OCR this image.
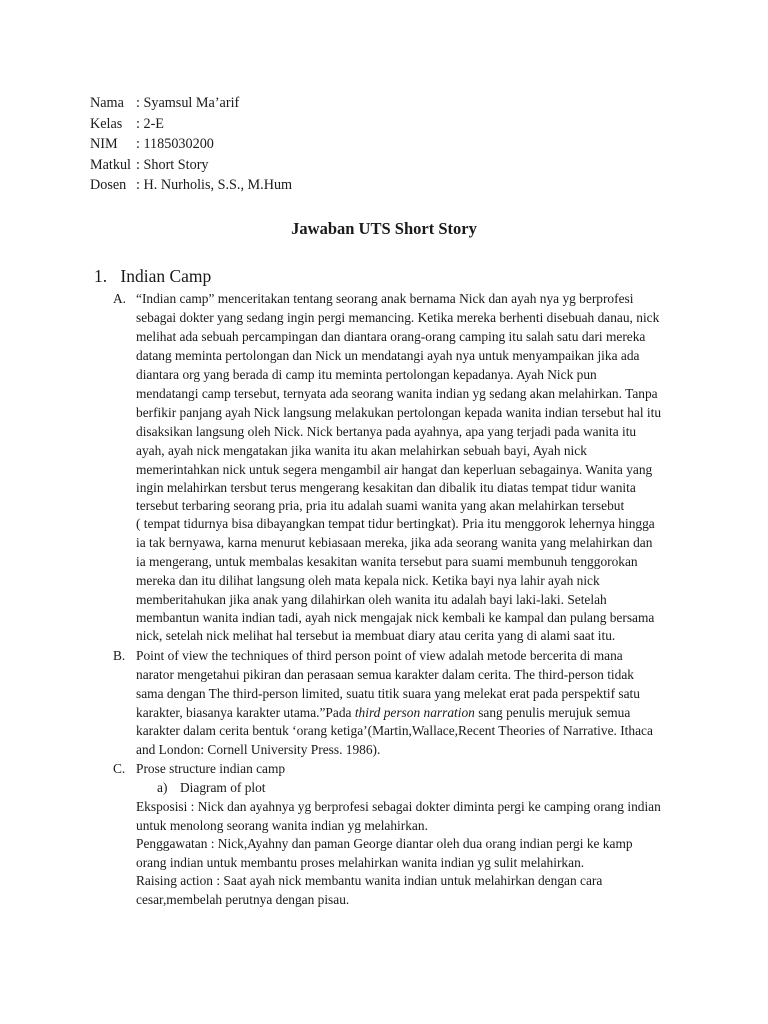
Nama : Syamsul Ma’arif
Kelas : 2-E
NIM	: 1185030200
Matkul : Short Story
Dosen : H. Nurholis, S.S., M.Hum
Jawaban UTS Short Story
1. Indian Camp
A. “Indian camp” menceritakan tentang seorang anak bernama Nick dan ayah nya yg berprofesi
sebagai dokter yang sedang ingin pergi memancing. Ketika mereka berhenti disebuah danau, nick
melihat ada sebuah percampingan dan diantara orang-orang camping itu salah satu dari mereka
datang meminta pertolongan dan Nick un mendatangi ayah nya untuk menyampaikan jika ada
diantara org yang berada di camp itu meminta pertolongan kepadanya. Ayah Nick pun
mendatangi camp tersebut, ternyata ada seorang wanita indian yg sedang akan melahirkan. Tanpa
berfikir panjang ayah Nick langsung melakukan pertolongan kepada wanita indian tersebut hal itu
disaksikan langsung oleh Nick. Nick bertanya pada ayahnya, apa yang terjadi pada wanita itu
ayah, ayah nick mengatakan jika wanita itu akan melahirkan sebuah bayi, Ayah nick
memerintahkan nick untuk segera mengambil air hangat dan keperluan sebagainya. Wanita yang
ingin melahirkan tersbut terus mengerang kesakitan dan dibalik itu diatas tempat tidur wanita
tersebut terbaring seorang pria, pria itu adalah suami wanita yang akan melahirkan tersebut
( tempat tidurnya bisa dibayangkan tempat tidur bertingkat). Pria itu menggorok lehernya hingga
ia tak bernyawa, karna menurut kebiasaan mereka, jika ada seorang wanita yang melahirkan dan
ia mengerang, untuk membalas kesakitan wanita tersebut para suami membunuh tenggorokan
mereka dan itu dilihat langsung oleh mata kepala nick. Ketika bayi nya lahir ayah nick
memberitahukan jika anak yang dilahirkan oleh wanita itu adalah bayi laki-laki. Setelah
membantun wanita indian tadi, ayah nick mengajak nick kembali ke kampal dan pulang bersama
nick, setelah nick melihat hal tersebut ia membuat diary atau cerita yang di alami saat itu.
B. Point of view the techniques of third person point of view adalah metode bercerita di mana
narator mengetahui pikiran dan perasaan semua karakter dalam cerita. The third-person tidak
sama dengan The third-person limited, suatu titik suara yang melekat erat pada perspektif satu
karakter, biasanya karakter utama.”Pada third person narration sang penulis merujuk semua
karakter dalam cerita bentuk ‘orang ketiga’(Martin,Wallace,Recent Theories of Narrative. Ithaca
and London: Cornell University Press. 1986).
C. Prose structure indian camp
a) Diagram of plot
Eksposisi : Nick dan ayahnya yg berprofesi sebagai dokter diminta pergi ke camping orang indian
untuk menolong seorang wanita indian yg melahirkan.
Penggawatan : Nick,Ayahny dan paman George diantar oleh dua orang indian pergi ke kamp
orang indian untuk membantu proses melahirkan wanita indian yg sulit melahirkan.
Raising action : Saat ayah nick membantu wanita indian untuk melahirkan dengan cara
cesar,membelah perutnya dengan pisau.
